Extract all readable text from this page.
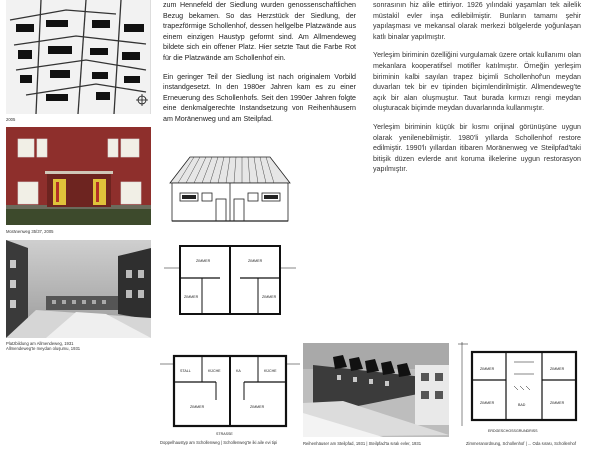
2005

zum Hennefeld der Siedlung wurden genossenschaftlichen Bezug bekamen. So das Herzstück der Siedlung, der trapezförmige Schollenhof, dessen hellgelbe Platzwände aus einem einzigen Haustyp geformt sind. Am Allmendeweg bildete sich ein offener Platz. Hier setzte Taut die Farbe Rot für die Platzwände am Schollenhof ein.

Ein geringer Teil der Siedlung ist nach originalem Vorbild instandgesetzt. In den 1980er Jahren kam es zu einer Erneuerung des Schollenhofs. Seit den 1990er Jahren folgte eine denkmalgerechte Instandsetzung von Reihenhäusern am Moränenweg und am Steilpfad.

sonrasının hiz alile ettiriyor. 1926 yılındaki yaşamları tek ailelik müstakil evler inşa edilebilmiştir. Bunların tamamı şehir yapılaşması ve mekansal olarak merkezi bölgelerde yoğunlaşan katlı binalar yapılmıştır.

Yerleşim biriminin özelliğini vurgulamak üzere ortak kullanımı olan mekanlara kooperatifsel motifler katılmıştır. Örneğin yerleşim biriminin kalbi sayılan trapez biçimli Schollenhof'un meydan duvarları tek bir ev tipinden biçimlendirilmiştir. Allmendeweg'te açık bir alan oluşmuştur. Taut burada kırmızı rengi meydan oluşturacak biçimde meydan duvarlarında kullanmıştır.

Yerleşim biriminin küçük bir kısmı orijinal görünüşüne uygun olarak yenilenebilmiştir. 1980'li yıllarda Schollenhof restore edilmiştir. 1990'lı yıllardan itibaren Moränenweg ve Steilpfad'taki bitişik düzen evlerde anıt koruma ilkelerine uygun restorasyon yapılmıştır.

Moränenweg 35/37, 2005
Platzbildung am Allmendeweg, 1931
Allmendeweg'te meydan oluşumu, 1931
ZIMMER	ZIMMER
ZIMMER	ZIMMER
STALL	KÜCHE	KA	KÜCHE
ZIMMER	ZIMMER
STRASSE
Doppelhaustyp am Schollenweg | Schollenweg'te iki aile evi tipi	Reihenhäuser am Steilpfad, 1931 | Steilpfad'ta sıralı evler, 1931
ZIMMER	ZIMMER
ZIMMER	ZIMMER
BAD
ERDGESCHOSSGRUNDRISS
Zimmeranordnung, Schollenhof | ... Oda sırası, Schollenhof
